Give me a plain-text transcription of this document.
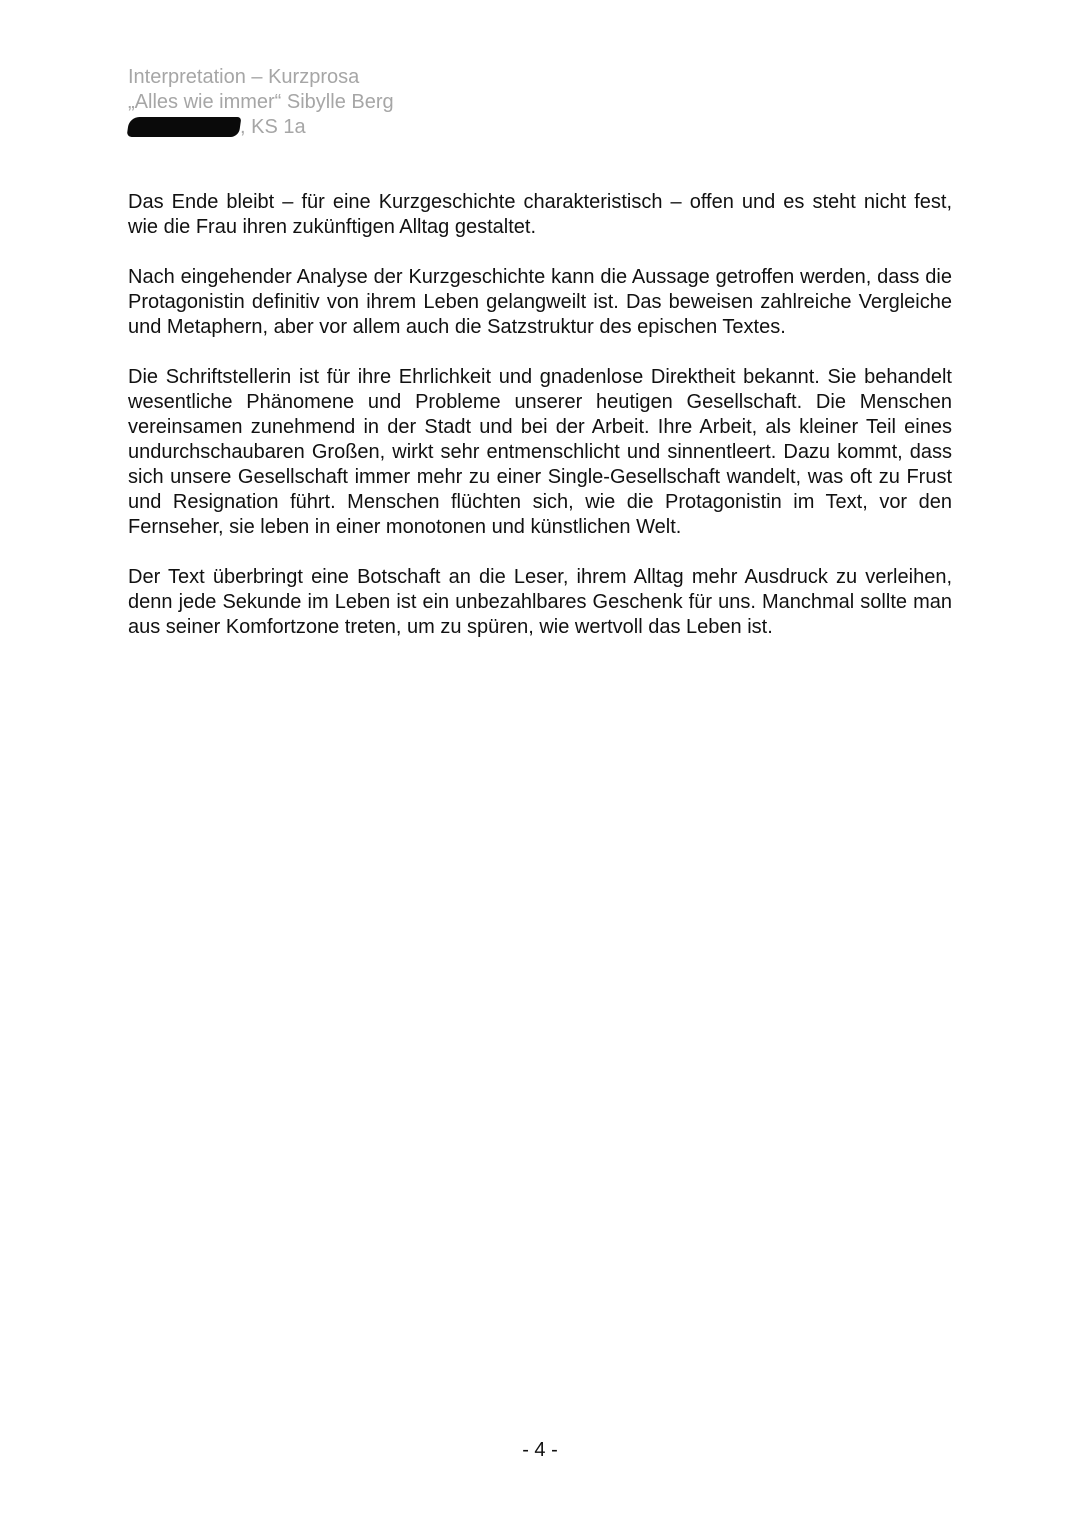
Interpretation – Kurzprosa
„Alles wie immer“ Sibylle Berg
, KS 1a

Das Ende bleibt – für eine Kurzgeschichte charakteristisch – offen und es steht nicht fest, wie die Frau ihren zukünftigen Alltag gestaltet.

Nach eingehender Analyse der Kurzgeschichte kann die Aussage getroffen werden, dass die Protagonistin definitiv von ihrem Leben gelangweilt ist. Das beweisen zahlreiche Vergleiche und Metaphern, aber vor allem auch die Satzstruktur des epischen Textes.

Die Schriftstellerin ist für ihre Ehrlichkeit und gnadenlose Direktheit bekannt. Sie behandelt wesentliche Phänomene und Probleme unserer heutigen Gesellschaft. Die Menschen vereinsamen zunehmend in der Stadt und bei der Arbeit. Ihre Arbeit, als kleiner Teil eines undurchschaubaren Großen, wirkt sehr entmenschlicht und sinnentleert. Dazu kommt, dass sich unsere Gesellschaft immer mehr zu einer Single-Gesellschaft wandelt, was oft zu Frust und Resignation führt. Menschen flüchten sich, wie die Protagonistin im Text, vor den Fernseher, sie leben in einer monotonen und künstlichen Welt.

Der Text überbringt eine Botschaft an die Leser, ihrem Alltag mehr Ausdruck zu verleihen, denn jede Sekunde im Leben ist ein unbezahlbares Geschenk für uns. Manchmal sollte man aus seiner Komfortzone treten, um zu spüren, wie wertvoll das Leben ist.

- 4 -
